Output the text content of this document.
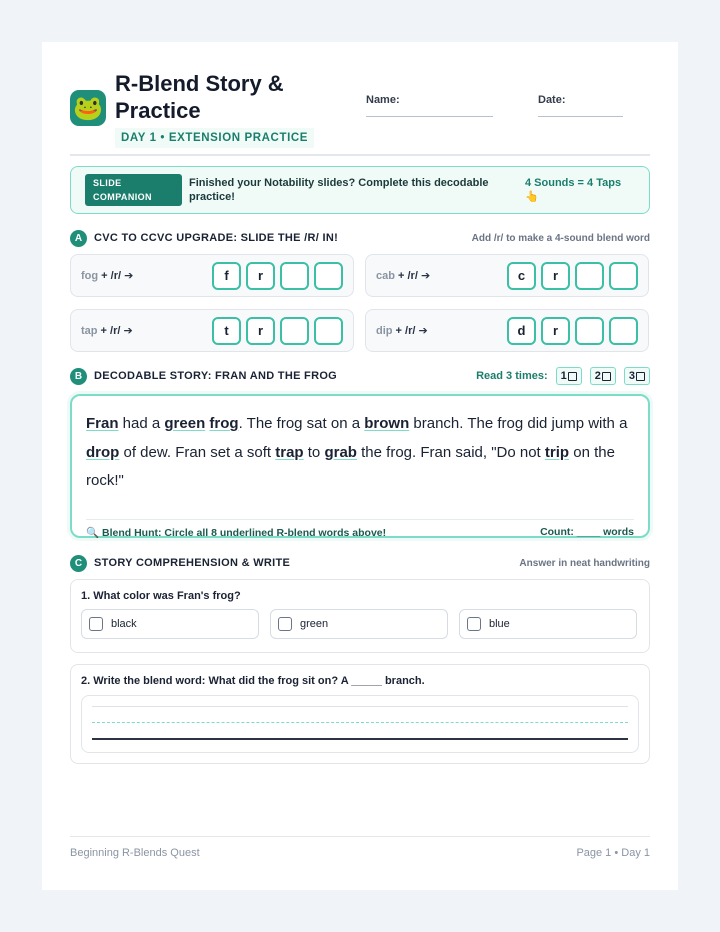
🐸
R-Blend Story & Practice
DAY 1 • EXTENSION PRACTICE
Name:	Date:
SLIDE COMPANION
Finished your Notability slides? Complete this decodable practice!
4 Sounds = 4 Taps
👆
A	CVC TO CCVC UPGRADE: SLIDE THE /R/ IN!	Add /r/ to make a 4-sound blend word
fog + /r/ ➔	f	r	cab + /r/ ➔	c	r
tap + /r/ ➔	t	r	dip + /r/ ➔	d	r
B	DECODABLE STORY: FRAN AND THE FROG	Read 3 times: 1	2	3
Fran had a green frog. The frog sat on a brown branch. The frog did jump with a drop of dew. Fran set a soft trap to grab the frog. Fran said, "Do not trip on the rock!"
🔍 Blend Hunt: Circle all 8 underlined R-blend words above!	Count: ____ words
C	STORY COMPREHENSION & WRITE	Answer in neat handwriting
1. What color was Fran's frog?
black	green	blue
2. Write the blend word: What did the frog sit on? A _____ branch.
Beginning R-Blends Quest	Page 1 • Day 1
